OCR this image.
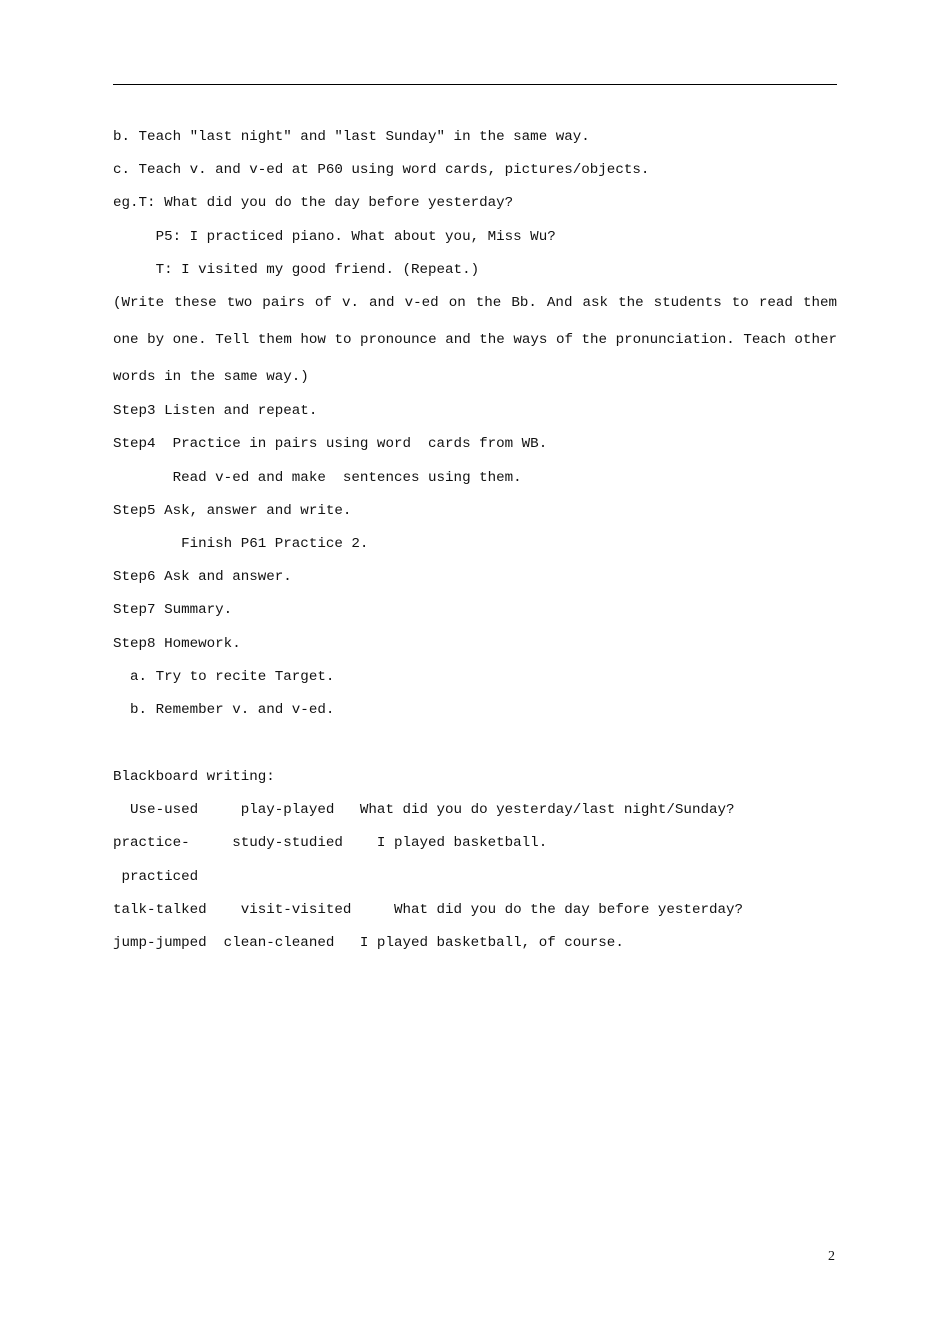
b. Teach "last night" and "last Sunday" in the same way.
c. Teach v. and v-ed at P60 using word cards, pictures/objects.
eg.T: What did you do the day before yesterday?
P5: I practiced piano. What about you, Miss Wu?
T: I visited my good friend. (Repeat.)
(Write these two pairs of v. and v-ed on the Bb. And ask the students to read them one by one. Tell them how to pronounce and the ways of the pronunciation. Teach other words in the same way.)
Step3 Listen and repeat.
Step4  Practice in pairs using word  cards from WB.
Read v-ed and make  sentences using them.
Step5 Ask, answer and write.
Finish P61 Practice 2.
Step6 Ask and answer.
Step7 Summary.
Step8 Homework.
a. Try to recite Target.
b. Remember v. and v-ed.
Blackboard writing:
Use-used     play-played   What did you do yesterday/last night/Sunday?
practice-     study-studied    I played basketball.
practiced
talk-talked    visit-visited     What did you do the day before yesterday?
jump-jumped  clean-cleaned   I played basketball, of course.
2
